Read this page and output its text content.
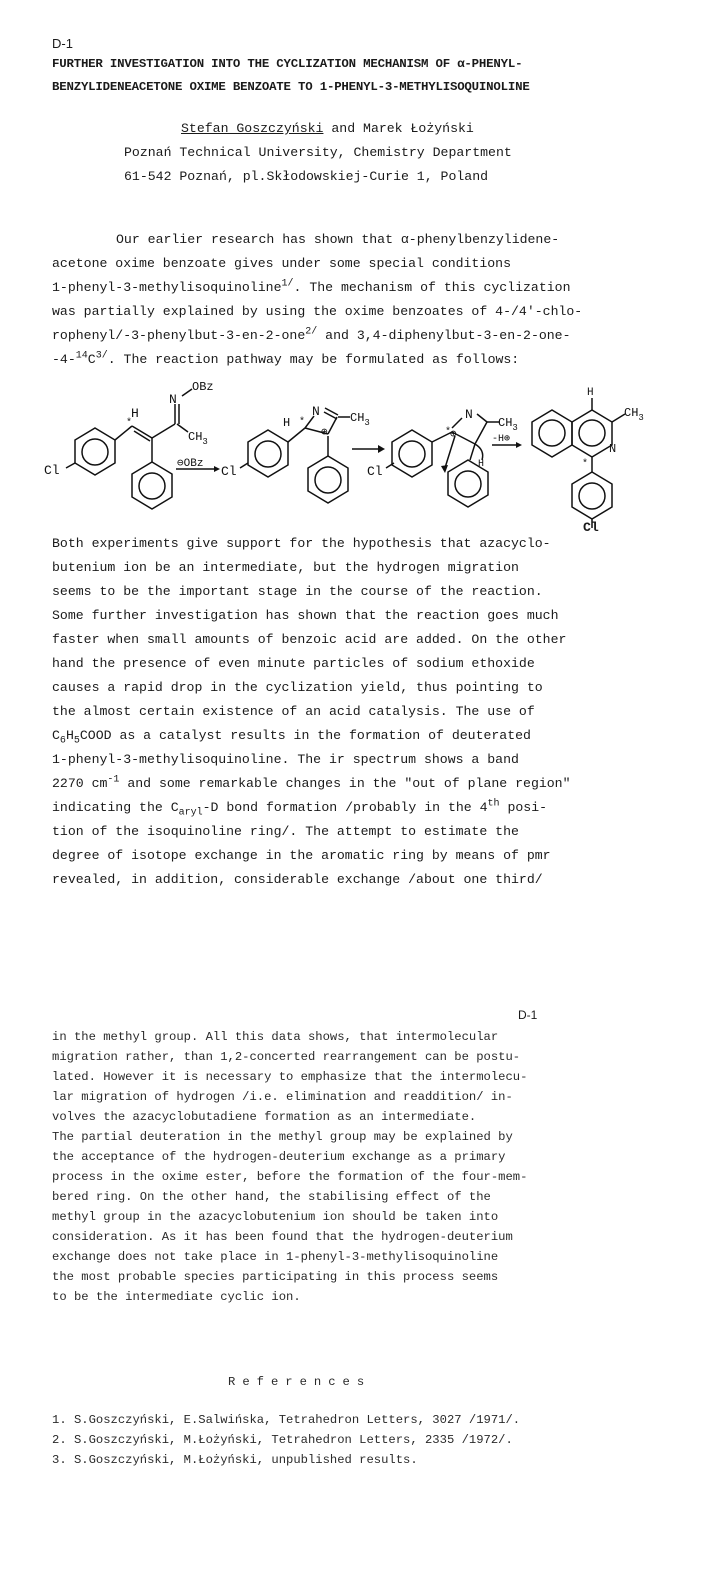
D-1
FURTHER INVESTIGATION INTO THE CYCLIZATION MECHANISM OF α-PHENYL-
BENZYLIDENEACETONE OXIME BENZOATE TO 1-PHENYL-3-METHYLISOQUINOLINE
Stefan Goszczyński and Marek Łożyński
Poznań Technical University, Chemistry Department
61-542 Poznań, pl.Skłodowskiej-Curie 1, Poland
Our earlier research has shown that α-phenylbenzylidene-
acetone oxime benzoate gives under some special conditions
1-phenyl-3-methylisoquinoline$^{1/}$. The mechanism of this cyclization
was partially explained by using the oxime benzoates of 4-/4'-chlo-
rophenyl/-3-phenylbut-3-en-2-one$^{2/}$ and 3,4-diphenylbut-3-en-2-one-
$-4-^{14}C^{3/}$. The reaction pathway may be formulated as follows:
Cl
*
H
N
OBz
$CH_3$
⊖OBz Cl
H *
N
⊕
$CH_3$
Cl
*
⊕
N
$CH_3$
H
-H⊕
H
$CH_3$
N
*
Cl
Both experiments give support for the hypothesis that azacyclo-
butenium ion be an intermediate, but the hydrogen migration
seems to be the important stage in the course of the reaction.
Some further investigation has shown that the reaction goes much
faster when small amounts of benzoic acid are added. On the other
hand the presence of even minute particles of sodium ethoxide
causes a rapid drop in the cyclization yield, thus pointing to
the almost certain existence of an acid catalysis. The use of
$C_6H_5COOD$ as a catalyst results in the formation of deuterated
1-phenyl-3-methylisoquinoline. The ir spectrum shows a band
2270 $cm^{-1}$ and some remarkable changes in the "out of plane region"
indicating the $C_{aryl}-D$ bond formation /probably in the 4th posi-
tion of the isoquinoline ring/. The attempt to estimate the
degree of isotope exchange in the aromatic ring by means of pmr
revealed, in addition, considerable exchange /about one third/
D-1
in the methyl group. All this data shows, that intermolecular
migration rather, than 1,2-concerted rearrangement can be postu-
lated. However it is necessary to emphasize that the intermolecu-
lar migration of hydrogen /i.e. elimination and readdition/ in-
volves the azacyclobutadiene formation as an intermediate.
The partial deuteration in the methyl group may be explained by
the acceptance of the hydrogen-deuterium exchange as a primary
process in the oxime ester, before the formation of the four-mem-
bered ring. On the other hand, the stabilising effect of the
methyl group in the azacyclobutenium ion should be taken into
consideration. As it has been found that the hydrogen-deuterium
exchange does not take place in 1-phenyl-3-methylisoquinoline
the most probable species participating in this process seems
to be the intermediate cyclic ion.
References
1. S.Goszczyński, E.Salwińska, Tetrahedron Letters, 3027 /1971/.
2. S.Goszczyński, M.Łożyński, Tetrahedron Letters, 2335 /1972/.
3. S.Goszczyński, M.Łożyński, unpublished results.
